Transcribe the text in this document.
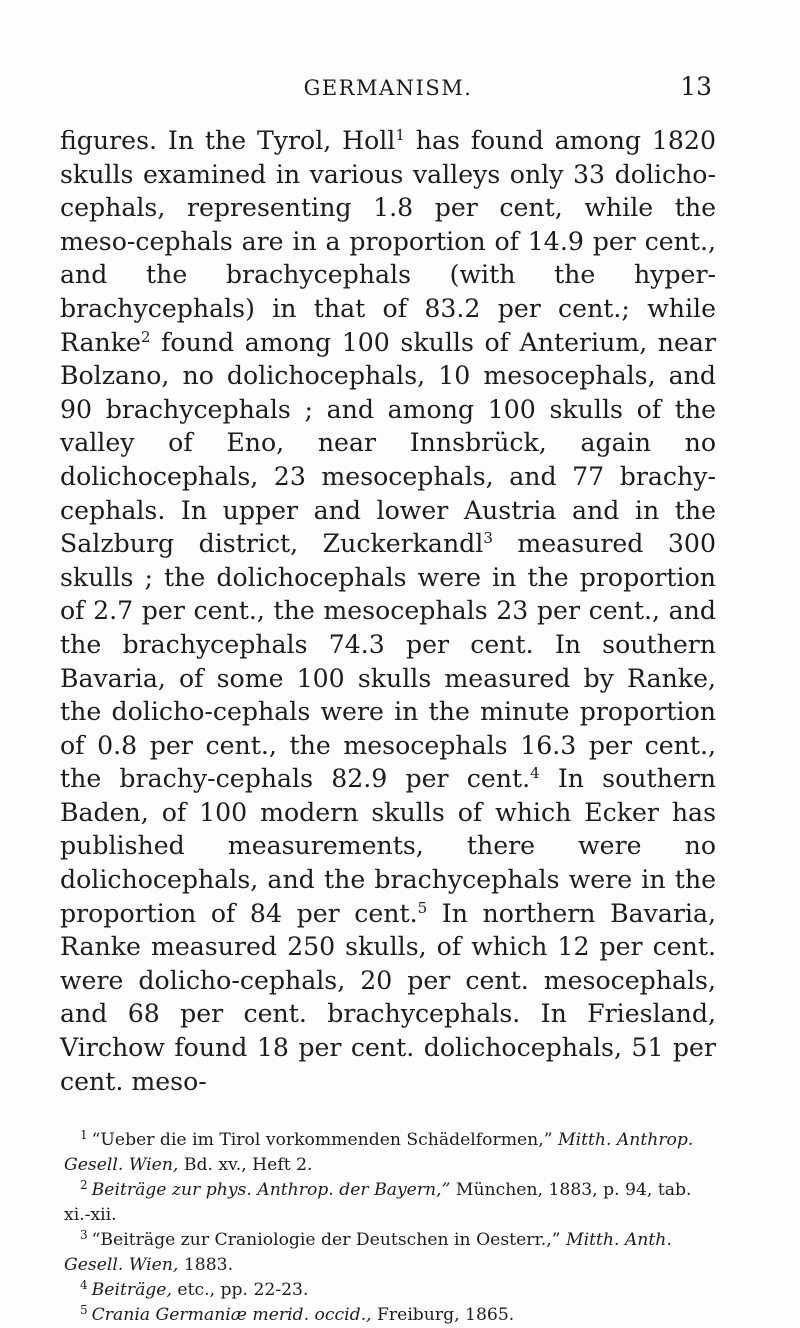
GERMANISM.	13

figures. In the Tyrol, Holl$^1$ has found among 1820 skulls examined in various valleys only 33 dolicho-cephals, representing 1.8 per cent, while the meso-cephals are in a proportion of 14.9 per cent., and the brachycephals (with the hyper-brachycephals) in that of 83.2 per cent.; while Ranke$^2$ found among 100 skulls of Anterium, near Bolzano, no dolichocephals, 10 mesocephals, and 90 brachycephals ; and among 100 skulls of the valley of Eno, near Innsbrück, again no dolichocephals, 23 mesocephals, and 77 brachy-cephals. In upper and lower Austria and in the Salzburg district, Zuckerkandl$^3$ measured 300 skulls ; the dolichocephals were in the proportion of 2.7 per cent., the mesocephals 23 per cent., and the brachycephals 74.3 per cent. In southern Bavaria, of some 100 skulls measured by Ranke, the dolicho-cephals were in the minute proportion of 0.8 per cent., the mesocephals 16.3 per cent., the brachy-cephals 82.9 per cent.$^4$ In southern Baden, of 100 modern skulls of which Ecker has published measurements, there were no dolichocephals, and the brachycephals were in the proportion of 84 per cent.$^5$ In northern Bavaria, Ranke measured 250 skulls, of which 12 per cent. were dolicho-cephals, 20 per cent. mesocephals, and 68 per cent. brachycephals. In Friesland, Virchow found 18 per cent. dolichocephals, 51 per cent. meso-

$^1$ “Ueber die im Tirol vorkommenden Schädelformen,” Mitth. Anthrop. Gesell. Wien, Bd. xv., Heft 2.

$^2$ Beiträge zur phys. Anthrop. der Bayern,” München, 1883, p. 94, tab. xi.-xii.

$^3$ “Beiträge zur Craniologie der Deutschen in Oesterr.,” Mitth. Anth. Gesell. Wien, 1883.

$^4$ Beiträge, etc., pp. 22-23.

$^5$ Crania Germaniæ merid. occid., Freiburg, 1865.
